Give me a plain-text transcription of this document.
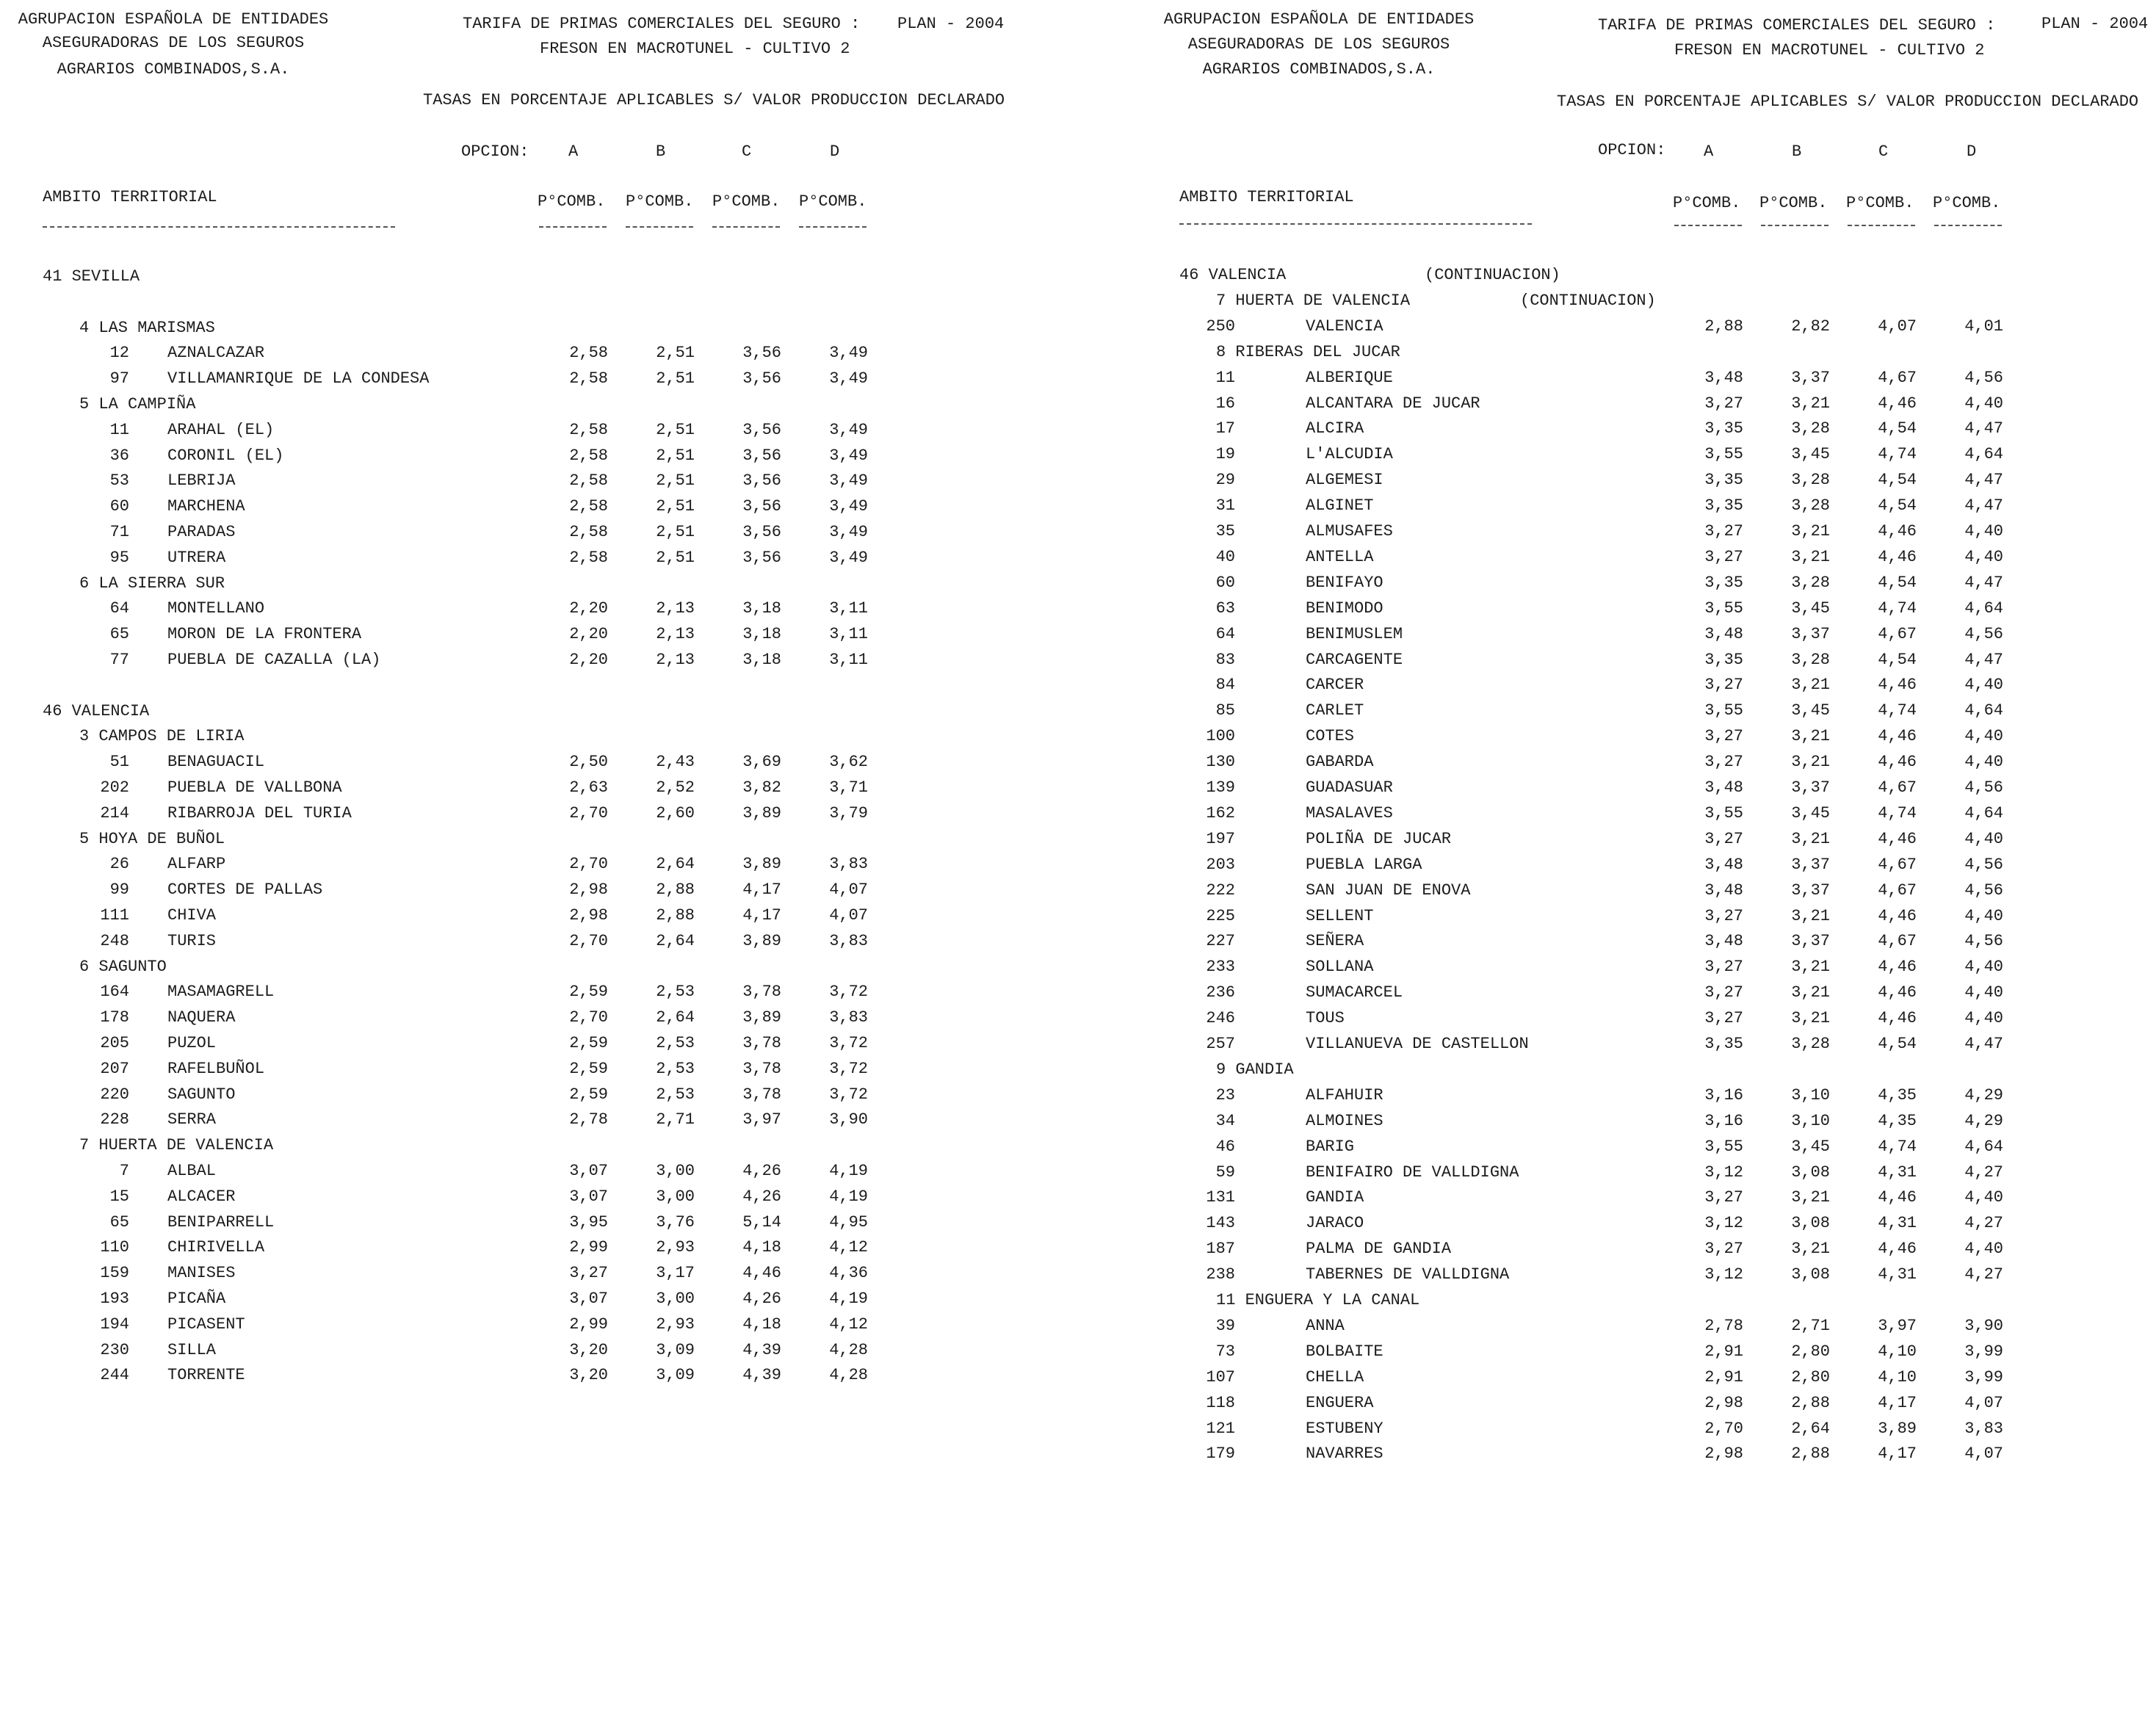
AGRUPACION ESPAÑOLA DE ENTIDADES
ASEGURADORAS DE LOS SEGUROS
AGRARIOS COMBINADOS,S.A.
TARIFA DE PRIMAS COMERCIALES DEL SEGURO : PLAN - 2004
FRESON EN MACROTUNEL - CULTIVO 2
TASAS EN PORCENTAJE APLICABLES S/ VALOR PRODUCCION DECLARADO
OPCION: A	B	C	D
AMBITO TERRITORIAL	P°COMB. P°COMB. P°COMB. P°COMB.
41 SEVILLA
4 LAS MARISMAS
12 AZNALCAZAR	2,58	2,51	3,56	3,49
97 VILLAMANRIQUE DE LA CONDESA	2,58	2,51	3,56	3,49
5 LA CAMPIÑA
11 ARAHAL (EL)	2,58	2,51	3,56	3,49
36 CORONIL (EL)	2,58	2,51	3,56	3,49
53 LEBRIJA	2,58	2,51	3,56	3,49
60 MARCHENA	2,58	2,51	3,56	3,49
71 PARADAS	2,58	2,51	3,56	3,49
95 UTRERA	2,58	2,51	3,56	3,49
6 LA SIERRA SUR
64 MONTELLANO	2,20	2,13	3,18	3,11
65 MORON DE LA FRONTERA	2,20	2,13	3,18	3,11
77 PUEBLA DE CAZALLA (LA)	2,20	2,13	3,18	3,11
46 VALENCIA
3 CAMPOS DE LIRIA
51 BENAGUACIL	2,50	2,43	3,69	3,62
202 PUEBLA DE VALLBONA	2,63	2,52	3,82	3,71
214 RIBARROJA DEL TURIA	2,70	2,60	3,89	3,79
5 HOYA DE BUÑOL
26 ALFARP	2,70	2,64	3,89	3,83
99 CORTES DE PALLAS	2,98	2,88	4,17	4,07
111 CHIVA	2,98	2,88	4,17	4,07
248 TURIS	2,70	2,64	3,89	3,83
6 SAGUNTO
164 MASAMAGRELL	2,59	2,53	3,78	3,72
178 NAQUERA	2,70	2,64	3,89	3,83
205 PUZOL	2,59	2,53	3,78	3,72
207 RAFELBUÑOL	2,59	2,53	3,78	3,72
220 SAGUNTO	2,59	2,53	3,78	3,72
228 SERRA	2,78	2,71	3,97	3,90
7 HUERTA DE VALENCIA
7 ALBAL	3,07	3,00	4,26	4,19
15 ALCACER	3,07	3,00	4,26	4,19
65 BENIPARRELL	3,95	3,76	5,14	4,95
110 CHIRIVELLA	2,99	2,93	4,18	4,12
159 MANISES	3,27	3,17	4,46	4,36
193 PICAÑA	3,07	3,00	4,26	4,19
194 PICASENT	2,99	2,93	4,18	4,12
230 SILLA	3,20	3,09	4,39	4,28
244 TORRENTE	3,20	3,09	4,39	4,28
AGRUPACION ESPAÑOLA DE ENTIDADES
ASEGURADORAS DE LOS SEGUROS
AGRARIOS COMBINADOS,S.A.
TARIFA DE PRIMAS COMERCIALES DEL SEGURO :	PLAN - 2004
FRESON EN MACROTUNEL - CULTIVO 2
TASAS EN PORCENTAJE APLICABLES S/ VALOR PRODUCCION DECLARADO
OPCION: A	B	C	D
AMBITO TERRITORIAL	P°COMB. P°COMB. P°COMB. P°COMB.
46 VALENCIA	(CONTINUACION)
7 HUERTA DE VALENCIA	(CONTINUACION)
250	VALENCIA	2,88	2,82	4,07	4,01
8 RIBERAS DEL JUCAR
11	ALBERIQUE	3,48	3,37	4,67	4,56
16	ALCANTARA DE JUCAR	3,27	3,21	4,46	4,40
17	ALCIRA	3,35	3,28	4,54	4,47
19	L'ALCUDIA	3,55	3,45	4,74	4,64
29	ALGEMESI	3,35	3,28	4,54	4,47
31	ALGINET	3,35	3,28	4,54	4,47
35	ALMUSAFES	3,27	3,21	4,46	4,40
40	ANTELLA	3,27	3,21	4,46	4,40
60	BENIFAYO	3,35	3,28	4,54	4,47
63	BENIMODO	3,55	3,45	4,74	4,64
64	BENIMUSLEM	3,48	3,37	4,67	4,56
83	CARCAGENTE	3,35	3,28	4,54	4,47
84	CARCER	3,27	3,21	4,46	4,40
85	CARLET	3,55	3,45	4,74	4,64
100	COTES	3,27	3,21	4,46	4,40
130	GABARDA	3,27	3,21	4,46	4,40
139	GUADASUAR	3,48	3,37	4,67	4,56
162	MASALAVES	3,55	3,45	4,74	4,64
197	POLIÑA DE JUCAR	3,27	3,21	4,46	4,40
203	PUEBLA LARGA	3,48	3,37	4,67	4,56
222	SAN JUAN DE ENOVA	3,48	3,37	4,67	4,56
225	SELLENT	3,27	3,21	4,46	4,40
227	SEÑERA	3,48	3,37	4,67	4,56
233	SOLLANA	3,27	3,21	4,46	4,40
236	SUMACARCEL	3,27	3,21	4,46	4,40
246	TOUS	3,27	3,21	4,46	4,40
257	VILLANUEVA DE CASTELLON	3,35	3,28	4,54	4,47
9 GANDIA
23	ALFAHUIR	3,16	3,10	4,35	4,29
34	ALMOINES	3,16	3,10	4,35	4,29
46	BARIG	3,55	3,45	4,74	4,64
59	BENIFAIRO DE VALLDIGNA	3,12	3,08	4,31	4,27
131	GANDIA	3,27	3,21	4,46	4,40
143	JARACO	3,12	3,08	4,31	4,27
187	PALMA DE GANDIA	3,27	3,21	4,46	4,40
238	TABERNES DE VALLDIGNA	3,12	3,08	4,31	4,27
11 ENGUERA Y LA CANAL
39	ANNA	2,78	2,71	3,97	3,90
73	BOLBAITE	2,91	2,80	4,10	3,99
107	CHELLA	2,91	2,80	4,10	3,99
118	ENGUERA	2,98	2,88	4,17	4,07
121	ESTUBENY	2,70	2,64	3,89	3,83
179	NAVARRES	2,98	2,88	4,17	4,07
